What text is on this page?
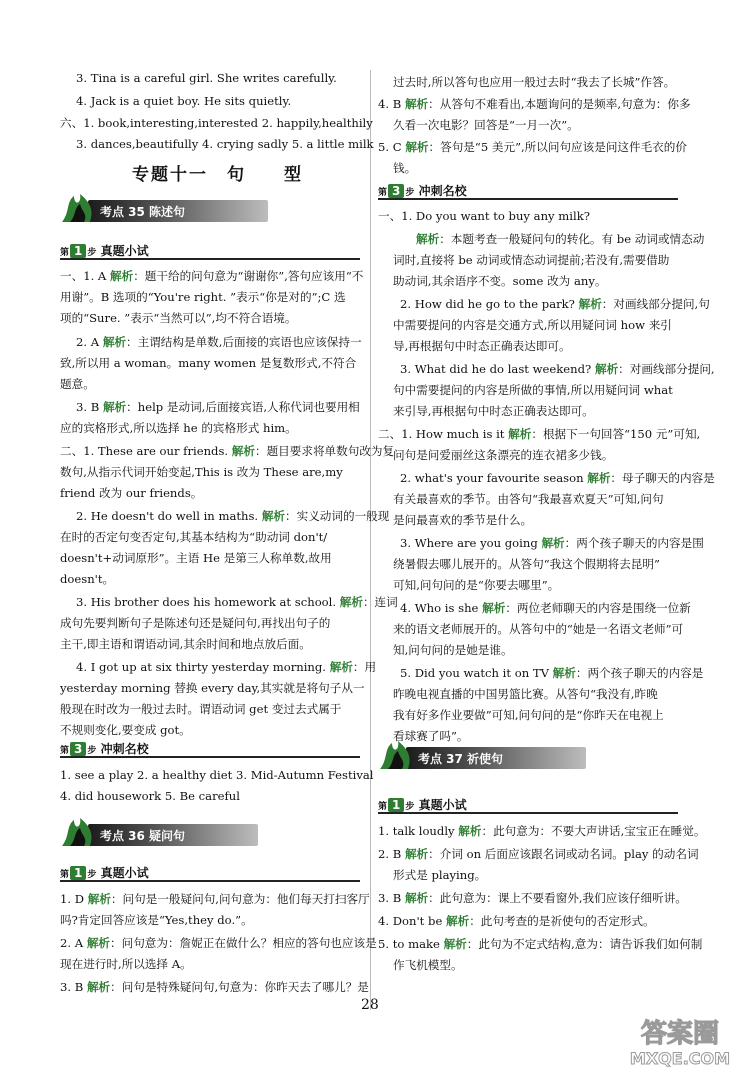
专题十一　句　　型
考点 35 陈述句
考点 36 疑问句
考点 37 祈使句
第 1 步 真题小试
第 3 步 冲刺名校
第 1 步 真题小试
第 3 步 冲刺名校
第 1 步 真题小试
3. Tina is a careful girl. She writes carefully.
4. Jack is a quiet boy. He sits quietly.
六、1. book,interesting,interested 2. happily,healthily
3. dances,beautifully 4. crying sadly 5. a little milk
一、1. A 解析：题干给的问句意为“谢谢你”,答句应该用“不
用谢”。B 选项的“You're right. ”表示“你是对的”;C 选
项的“Sure. ”表示“当然可以”,均不符合语境。
2. A 解析：主谓结构是单数,后面接的宾语也应该保持一
致,所以用 a woman。many women 是复数形式,不符合
题意。
3. B 解析：help 是动词,后面接宾语,人称代词也要用相
应的宾格形式,所以选择 he 的宾格形式 him。
二、1. These are our friends. 解析：题目要求将单数句改为复
数句,从指示代词开始变起,This is 改为 These are,my
friend 改为 our friends。
2. He doesn't do well in maths. 解析：实义动词的一般现
在时的否定句变否定句,其基本结构为“助动词 don't/
doesn't+动词原形”。主语 He 是第三人称单数,故用
doesn't。
3. His brother does his homework at school. 解析：连词
成句先要判断句子是陈述句还是疑问句,再找出句子的
主干,即主语和谓语动词,其余时间和地点放后面。
4. I got up at six thirty yesterday morning. 解析：用
yesterday morning 替换 every day,其实就是将句子从一
般现在时改为一般过去时。谓语动词 get 变过去式属于
不规则变化,要变成 got。
1. see a play 2. a healthy diet 3. Mid-Autumn Festival
4. did housework 5. Be careful
1. D 解析：问句是一般疑问句,问句意为：他们每天打扫客厅
吗?肯定回答应该是“Yes,they do.”。
2. A 解析：问句意为：詹妮正在做什么？相应的答句也应该是
现在进行时,所以选择 A。
3. B 解析：问句是特殊疑问句,句意为：你昨天去了哪儿？是
过去时,所以答句也应用一般过去时“我去了长城”作答。
4. B 解析：从答句不难看出,本题询问的是频率,句意为：你多
久看一次电影？回答是“一月一次”。
5. C 解析：答句是“5 美元”,所以问句应该是问这件毛衣的价
钱。
一、1. Do you want to buy any milk?
解析：本题考查一般疑问句的转化。有 be 动词或情态动
词时,直接将 be 动词或情态动词提前;若没有,需要借助
助动词,其余语序不变。some 改为 any。
2. How did he go to the park? 解析：对画线部分提问,句
中需要提问的内容是交通方式,所以用疑问词 how 来引
导,再根据句中时态正确表达即可。
3. What did he do last weekend? 解析：对画线部分提问,
句中需要提问的内容是所做的事情,所以用疑问词 what
来引导,再根据句中时态正确表达即可。
二、1. How much is it 解析：根据下一句回答“150 元”可知,
问句是问爱丽丝这条漂亮的连衣裙多少钱。
2. what's your favourite season 解析：母子聊天的内容是
有关最喜欢的季节。由答句“我最喜欢夏天”可知,问句
是问最喜欢的季节是什么。
3. Where are you going 解析：两个孩子聊天的内容是围
绕暑假去哪儿展开的。从答句“我这个假期将去昆明”
可知,问句问的是“你要去哪里”。
4. Who is she 解析：两位老师聊天的内容是围绕一位新
来的语文老师展开的。从答句中的“她是一名语文老师”可
知,问句问的是她是谁。
5. Did you watch it on TV 解析：两个孩子聊天的内容是
昨晚电视直播的中国男篮比赛。从答句“我没有,昨晚
我有好多作业要做”可知,问句问的是“你昨天在电视上
看球赛了吗”。
1. talk loudly 解析：此句意为：不要大声讲话,宝宝正在睡觉。
2. B 解析：介词 on 后面应该跟名词或动名词。play 的动名词
形式是 playing。
3. B 解析：此句意为：课上不要看窗外,我们应该仔细听讲。
4. Don't be 解析：此句考查的是祈使句的否定形式。
5. to make 解析：此句为不定式结构,意为：请告诉我们如何制
作飞机模型。
28
答案圈
MXQE.COM
